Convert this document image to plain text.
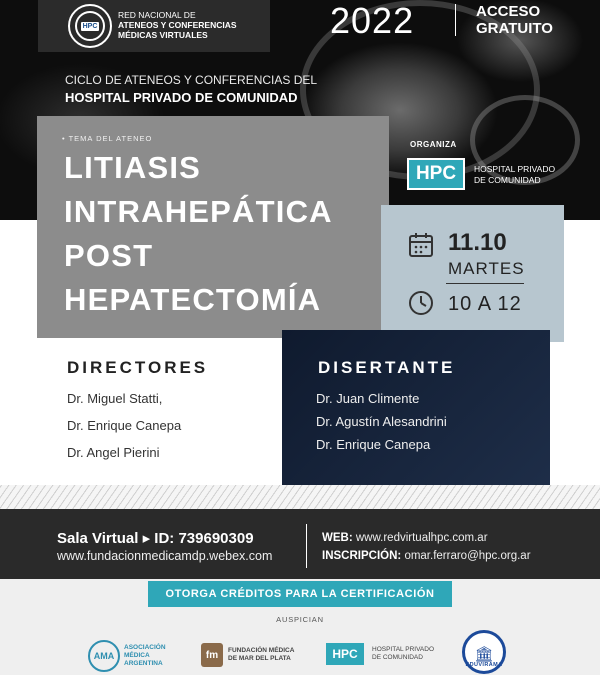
HPC
RED NACIONAL DE
ATENEOS Y CONFERENCIAS
MÉDICAS VIRTUALES	2022	ACCESO
GRATUITO
CICLO DE ATENEOS Y CONFERENCIAS DEL
HOSPITAL PRIVADO DE COMUNIDAD
• TEMA DEL ATENEO
LITIASIS
INTRAHEPÁTICA
POST
HEPATECTOMÍA
ORGANIZA
HPC	HOSPITAL PRIVADO
DE COMUNIDAD
11.10
MARTES
10 A 12
DIRECTORES
Dr. Miguel Statti,
Dr. Enrique Canepa
Dr. Angel Pierini
DISERTANTE
Dr. Juan Climente
Dr. Agustín Alesandrini
Dr. Enrique Canepa
Sala Virtual ▸ ID: 739690309
www.fundacionmedicamdp.webex.com
WEB: www.redvirtualhpc.com.ar
INSCRIPCIÓN: omar.ferraro@hpc.org.ar
OTORGA CRÉDITOS PARA LA CERTIFICACIÓN
AUSPICIAN
AMA
ASOCIACIÓN
MÉDICA
ARGENTINA
fm	FUNDACIÓN MÉDICA
DE MAR DEL PLATA	HPC	HOSPITAL PRIVADO
DE COMUNIDAD	🏛
EDUVIRAMA
